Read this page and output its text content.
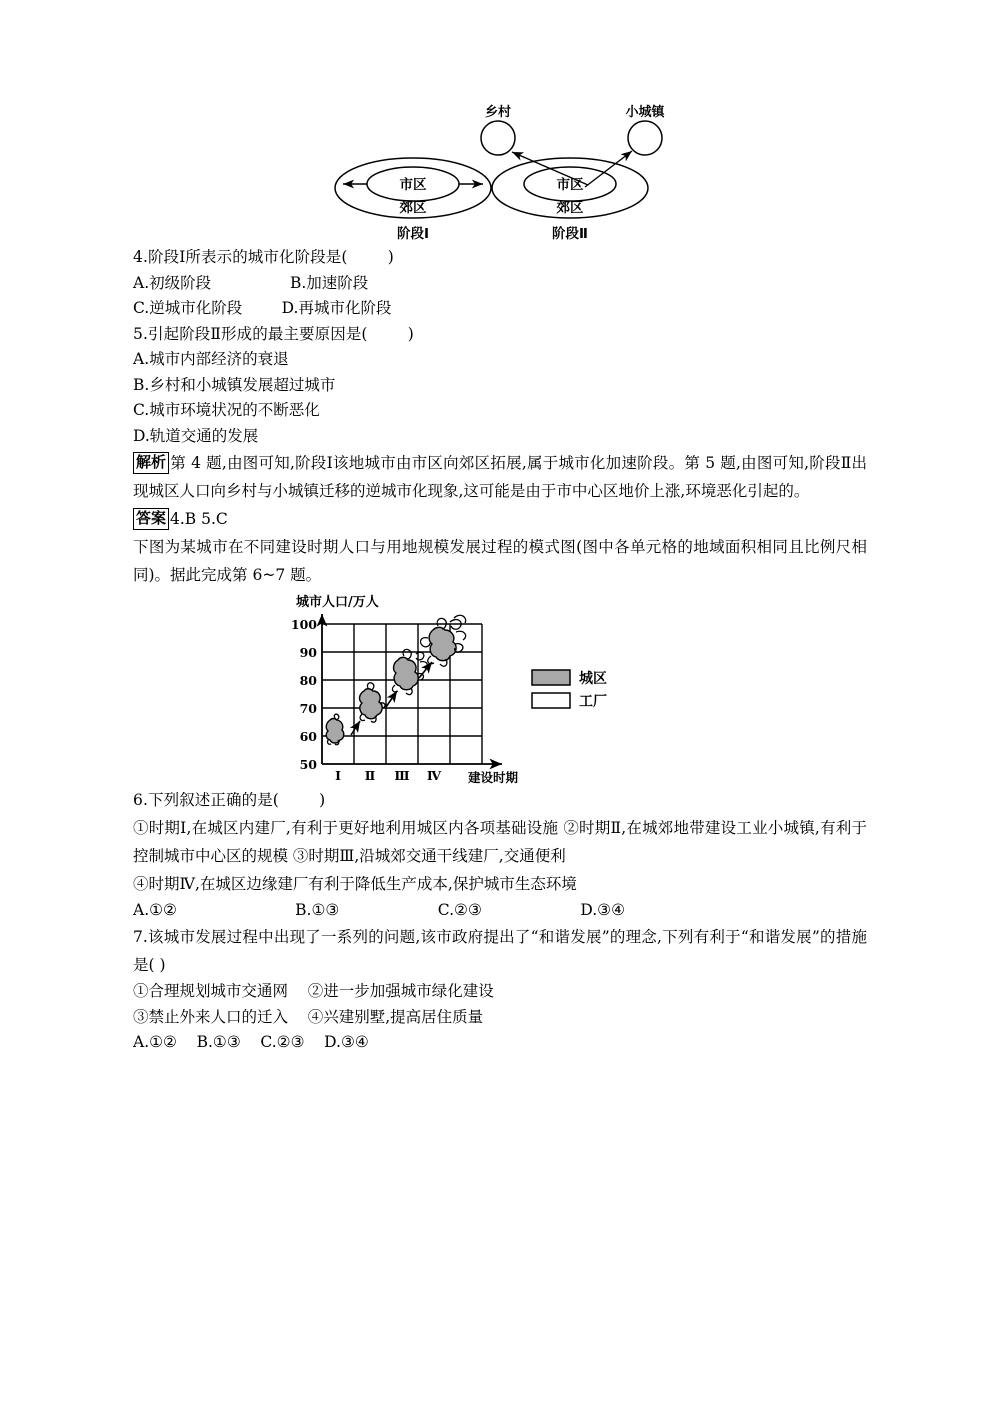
市区
郊区
阶段Ⅰ
市区
郊区
阶段Ⅱ
乡村	小城镇
4.阶段Ⅰ所表示的城市化阶段是(        )
A.初级阶段                B.加速阶段
C.逆城市化阶段        D.再城市化阶段
5.引起阶段Ⅱ形成的最主要原因是(        )
A.城市内部经济的衰退
B.乡村和小城镇发展超过城市
C.城市环境状况的不断恶化
D.轨道交通的发展
解析 第 4 题,由图可知,阶段Ⅰ该地城市由市区向郊区拓展,属于城市化加速阶段。第 5 题,由图可知,阶段Ⅱ出现城区人口向乡村与小城镇迁移的逆城市化现象,这可能是由于市中心区地价上涨,环境恶化引起的。
答案 4.B 5.C
下图为某城市在不同建设时期人口与用地规模发展过程的模式图(图中各单元格的地域面积相同且比例尺相同)。据此完成第 6~7 题。
城市人口/万人
100
90
80
70
60
50
Ⅰ Ⅱ Ⅲ Ⅳ 建设时期
城区
工厂
6.下列叙述正确的是(        )
①时期Ⅰ,在城区内建厂,有利于更好地利用城区内各项基础设施 ②时期Ⅱ,在城郊地带建设工业小城镇,有利于控制城市中心区的规模 ③时期Ⅲ,沿城郊交通干线建厂,交通便利
④时期Ⅳ,在城区边缘建厂有利于降低生产成本,保护城市生态环境
A.①②                        B.①③                    C.②③                    D.③④
7.该城市发展过程中出现了一系列的问题,该市政府提出了“和谐发展”的理念,下列有利于“和谐发展”的措施是( )
①合理规划城市交通网    ②进一步加强城市绿化建设
③禁止外来人口的迁入    ④兴建别墅,提高居住质量
A.①②    B.①③    C.②③    D.③④
